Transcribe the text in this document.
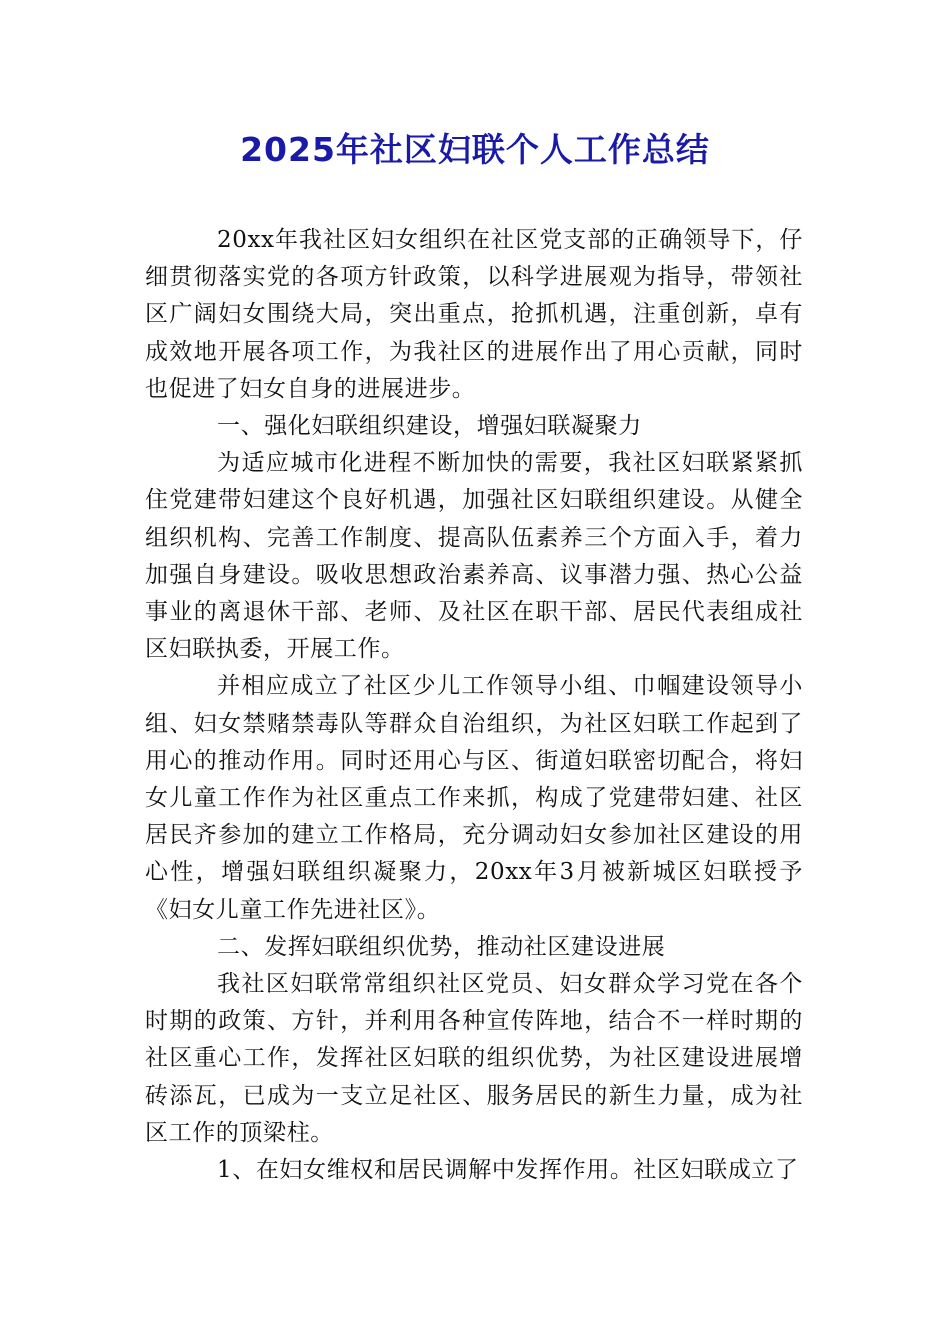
2025年社区妇联个人工作总结

20xx年我社区妇女组织在社区党支部的正确领导下，仔细贯彻落实党的各项方针政策，以科学进展观为指导，带领社区广阔妇女围绕大局，突出重点，抢抓机遇，注重创新，卓有成效地开展各项工作，为我社区的进展作出了用心贡献，同时也促进了妇女自身的进展进步。

一、强化妇联组织建设，增强妇联凝聚力

为适应城市化进程不断加快的需要，我社区妇联紧紧抓住党建带妇建这个良好机遇，加强社区妇联组织建设。从健全组织机构、完善工作制度、提高队伍素养三个方面入手，着力加强自身建设。吸收思想政治素养高、议事潜力强、热心公益事业的离退休干部、老师、及社区在职干部、居民代表组成社区妇联执委，开展工作。

并相应成立了社区少儿工作领导小组、巾帼建设领导小组、妇女禁赌禁毒队等群众自治组织，为社区妇联工作起到了用心的推动作用。同时还用心与区、街道妇联密切配合，将妇女儿童工作作为社区重点工作来抓，构成了党建带妇建、社区居民齐参加的建立工作格局，充分调动妇女参加社区建设的用心性，增强妇联组织凝聚力，20xx年3月被新城区妇联授予《妇女儿童工作先进社区》。

二、发挥妇联组织优势，推动社区建设进展

我社区妇联常常组织社区党员、妇女群众学习党在各个时期的政策、方针，并利用各种宣传阵地，结合不一样时期的社区重心工作，发挥社区妇联的组织优势，为社区建设进展增砖添瓦，已成为一支立足社区、服务居民的新生力量，成为社区工作的顶梁柱。

1、在妇女维权和居民调解中发挥作用。社区妇联成立了
